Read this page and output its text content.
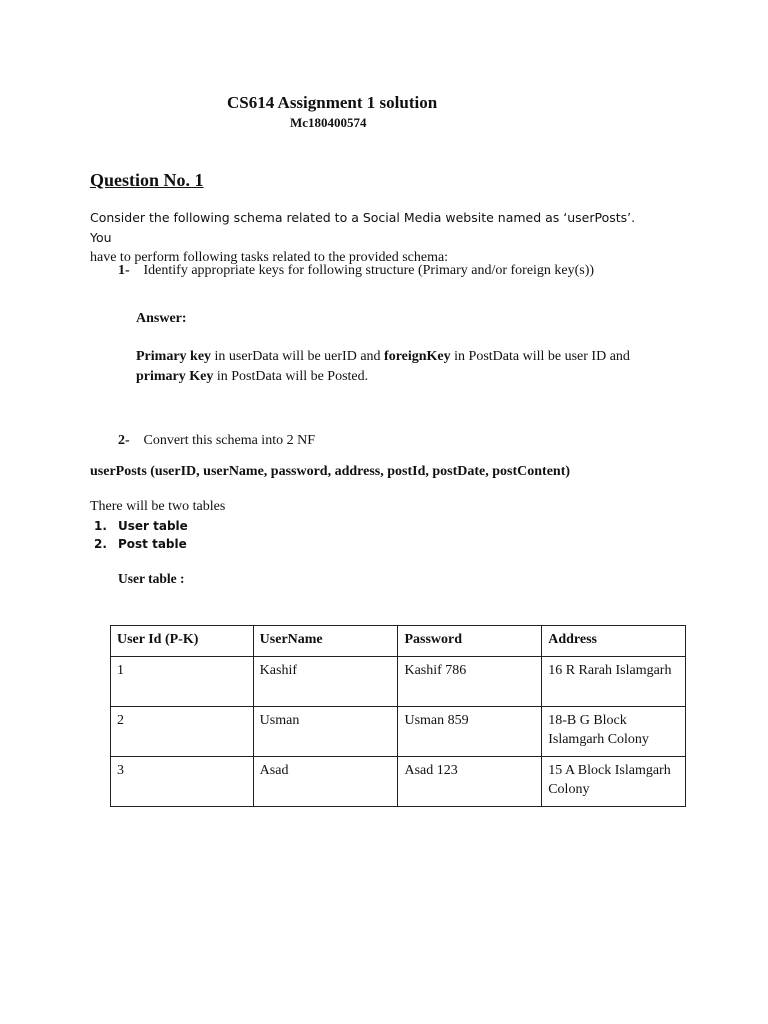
CS614 Assignment 1 solution
Mc180400574
Question No. 1
Consider the following schema related to a Social Media website named as ‘userPosts’. You
have to perform following tasks related to the provided schema:
1- Identify appropriate keys for following structure (Primary and/or foreign key(s))
Answer:
Primary key in userData will be uerID and foreignKey in PostData will be user ID and primary Key in PostData will be Posted.
2- Convert this schema into 2 NF
userPosts (userID, userName, password, address, postId, postDate, postContent)
There will be two tables
1. User table
2. Post table
User table :
User Id (P-K)	UserName	Password	Address
1	Kashif	Kashif 786	16 R Rarah Islamgarh
2	Usman	Usman 859	18-B G Block Islamgarh Colony
3	Asad	Asad 123	15 A Block Islamgarh Colony
